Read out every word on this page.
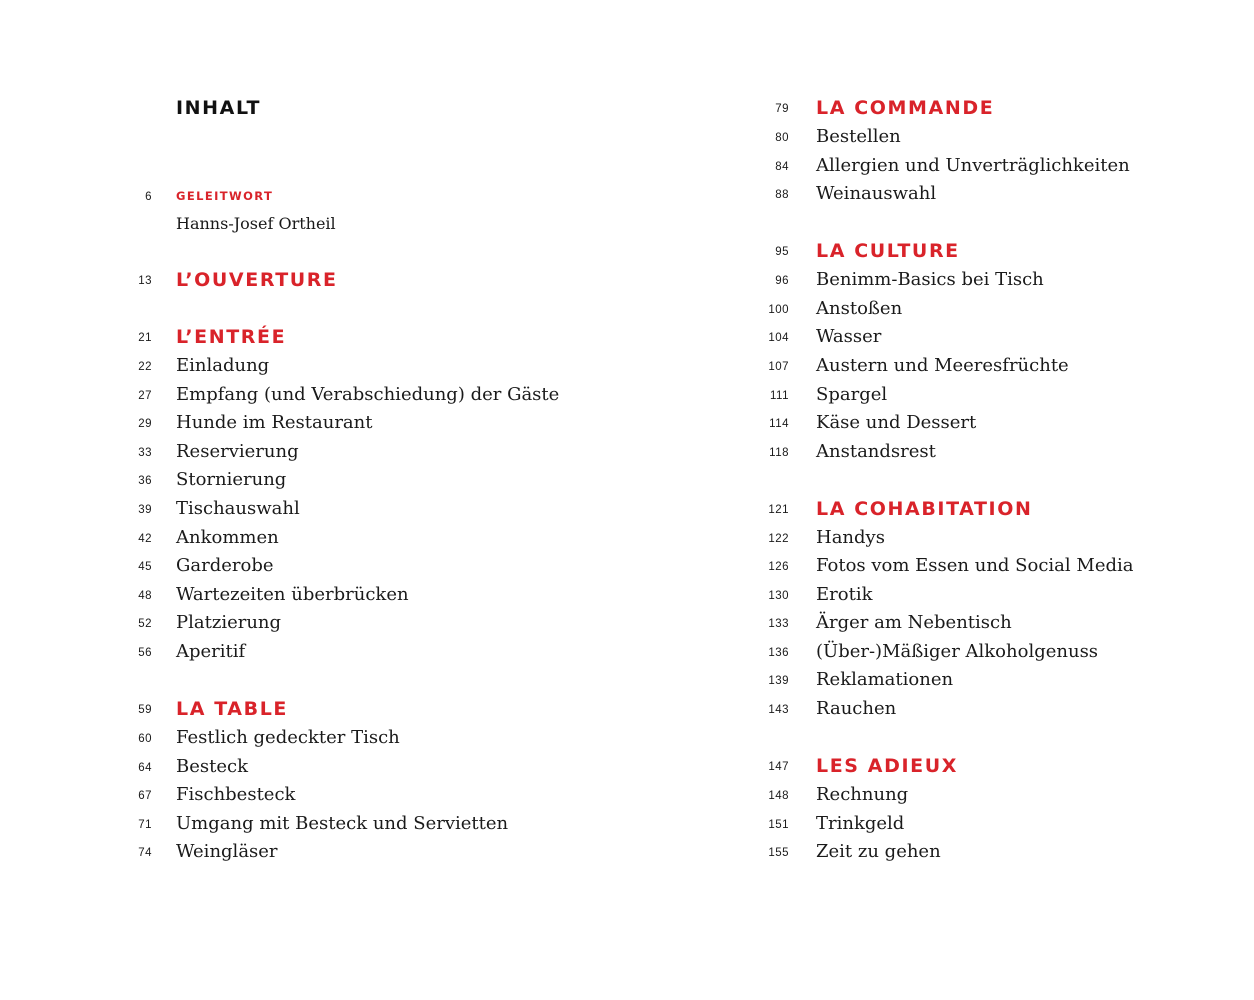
INHALT
6 GELEITWORT
Hanns-Josef Ortheil
13 L’OUVERTURE
21 L’ENTRÉE
22 Einladung
27 Empfang (und Verabschiedung) der Gäste
29 Hunde im Restaurant
33 Reservierung
36 Stornierung
39 Tischauswahl
42 Ankommen
45 Garderobe
48 Wartezeiten überbrücken
52 Platzierung
56 Aperitif
59 LA TABLE
60 Festlich gedeckter Tisch
64 Besteck
67 Fischbesteck
71 Umgang mit Besteck und Servietten
74 Weingläser
79 LA COMMANDE
80 Bestellen
84 Allergien und Unverträglichkeiten
88 Weinauswahl
95 LA CULTURE
96 Benimm-Basics bei Tisch
100 Anstoßen
104 Wasser
107 Austern und Meeresfrüchte
111 Spargel
114 Käse und Dessert
118 Anstandsrest
121 LA COHABITATION
122 Handys
126 Fotos vom Essen und Social Media
130 Erotik
133 Ärger am Nebentisch
136 (Über-)Mäßiger Alkoholgenuss
139 Reklamationen
143 Rauchen
147 LES ADIEUX
148 Rechnung
151 Trinkgeld
155 Zeit zu gehen
